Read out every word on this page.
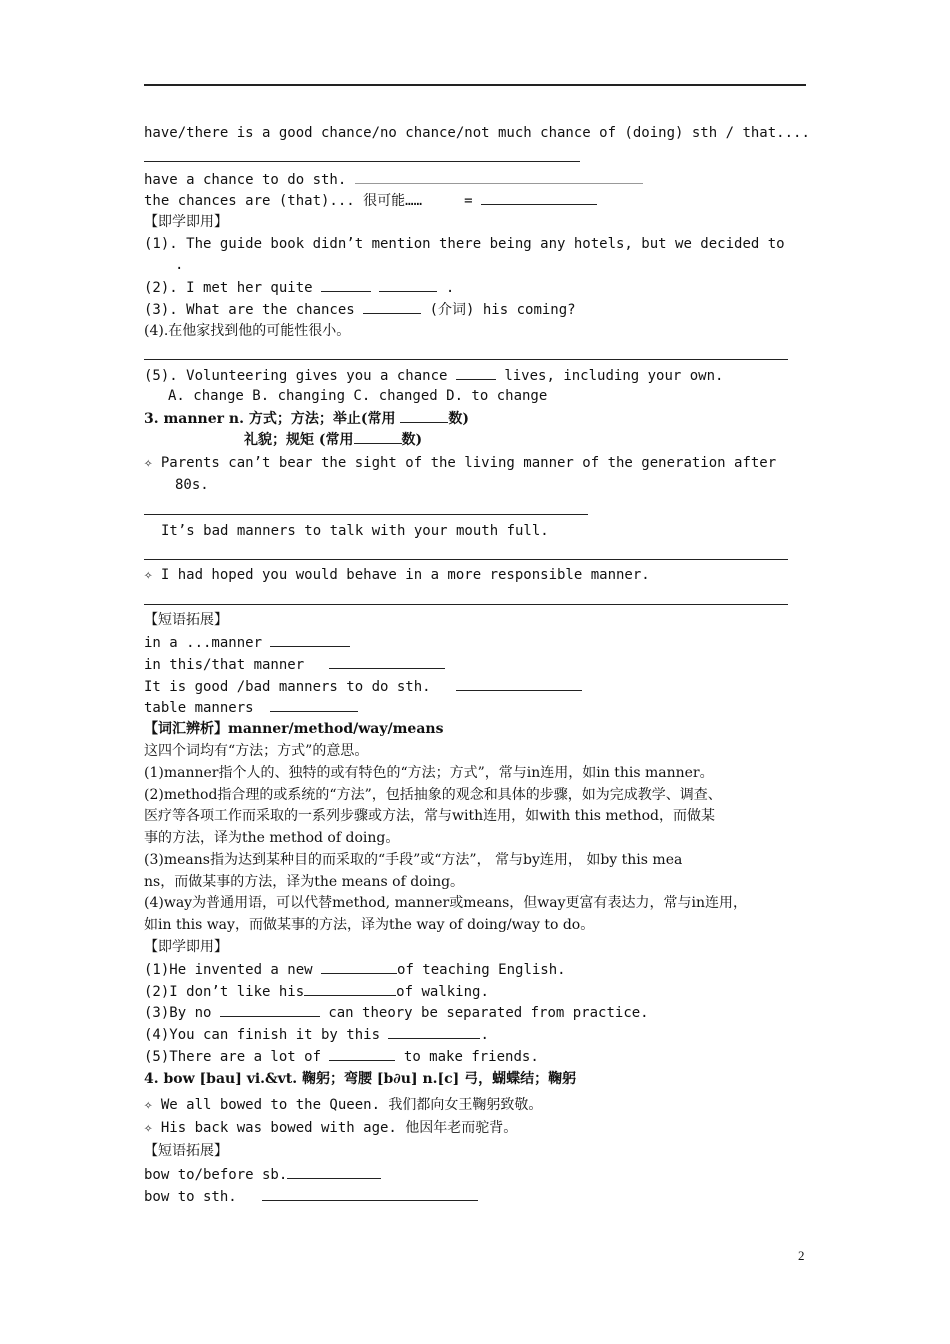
have/there is a good chance/no chance/not much chance of (doing) sth / that....
have a chance to do sth.
the chances are (that)... 很可能……	=
【即学即用】
(1). The guide book didn’t mention there being any hotels, but we decided to
.
(2). I met her quite	.
(3). What are the chances	(介词) his coming?
(4).在他家找到他的可能性很小。
(5). Volunteering gives you a chance	lives, including your own.
A. change B. changing C. changed D. to change
3. manner n. 方式；方法；举止(常用	数)
礼貌；规矩 (常用	数)
✧ Parents can’t bear the sight of the living manner of the generation after
80s.
It’s bad manners to talk with your mouth full.
✧ I had hoped you would behave in a more responsible manner.
【短语拓展】
in a ...manner
in this/that manner
It is good /bad manners to do sth.
table manners
【词汇辨析】manner/method/way/means
这四个词均有“方法；方式”的意思。
(1)manner指个人的、独特的或有特色的“方法；方式”，常与in连用，如in this manner。
(2)method指合理的或系统的“方法”，包括抽象的观念和具体的步骤，如为完成教学、调查、
医疗等各项工作而采取的一系列步骤或方法，常与with连用，如with this method，而做某
事的方法，译为the method of doing。
(3)means指为达到某种目的而采取的“手段”或“方法”， 常与by连用， 如by this mea
ns，而做某事的方法，译为the means of doing。
(4)way为普通用语，可以代替method, manner或means，但way更富有表达力，常与in连用，
如in this way，而做某事的方法，译为the way of doing/way to do。
【即学即用】
(1)He invented a new	of teaching English.
(2)I don’t like his	of walking.
(3)By no	can theory be separated from practice.
(4)You can finish it by this	.
(5)There are a lot of	to make friends.
4. bow [bau] vi.&vt. 鞠躬；弯腰 [b∂u] n.[c] 弓，蝴蝶结；鞠躬
✧ We all bowed to the Queen. 我们都向女王鞠躬致敬。
✧ His back was bowed with age. 他因年老而驼背。
【短语拓展】
bow to/before sb.
bow to sth.
2
